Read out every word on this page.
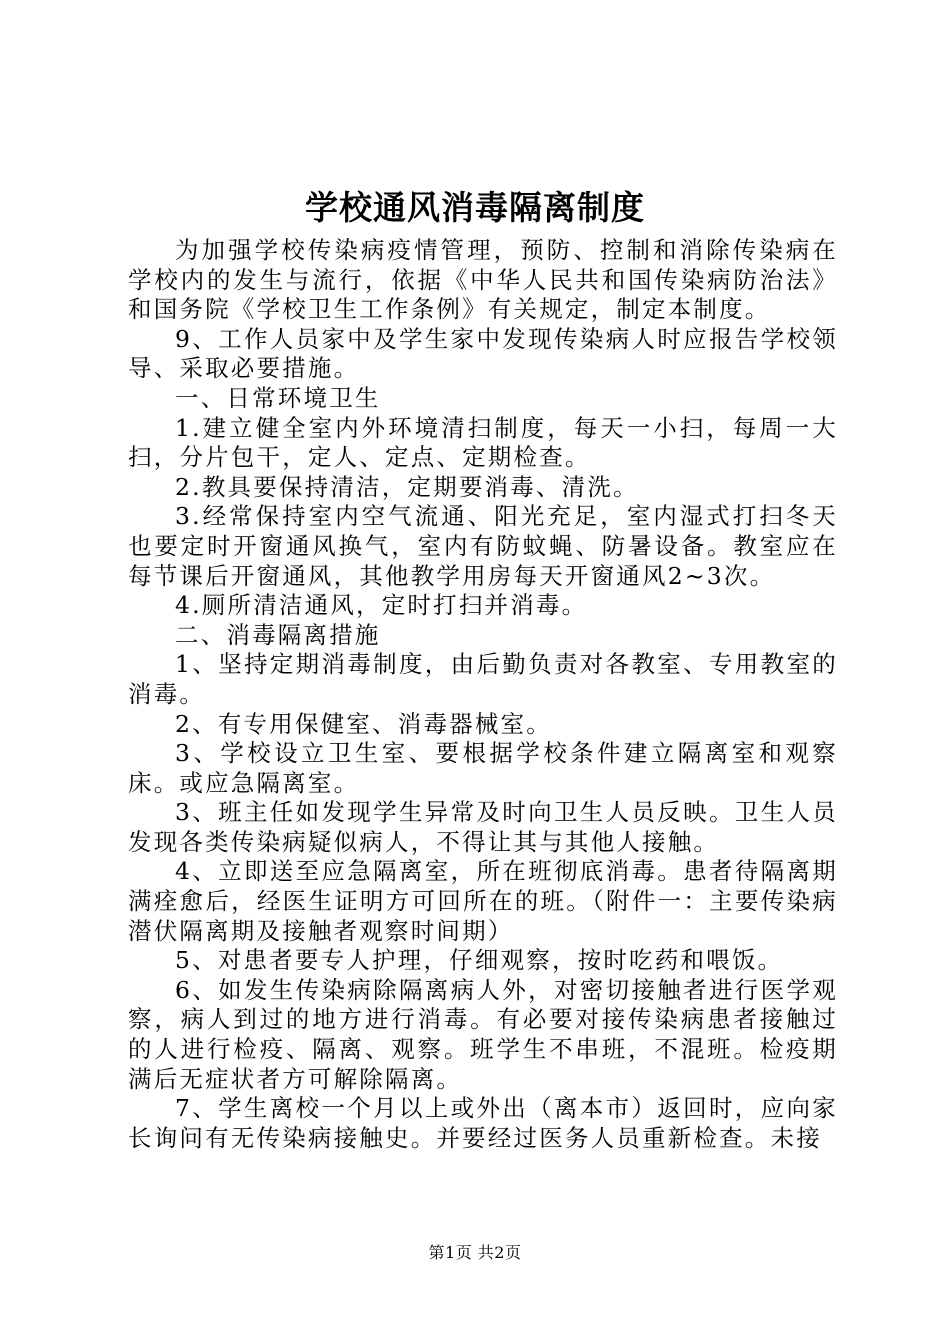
学校通风消毒隔离制度

为加强学校传染病疫情管理，预防、控制和消除传染病在学校内的发生与流行，依据《中华人民共和国传染病防治法》和国务院《学校卫生工作条例》有关规定，制定本制度。

9、工作人员家中及学生家中发现传染病人时应报告学校领导、采取必要措施。

一、日常环境卫生

1.建立健全室内外环境清扫制度，每天一小扫，每周一大扫，分片包干，定人、定点、定期检查。

2.教具要保持清洁，定期要消毒、清洗。

3.经常保持室内空气流通、阳光充足，室内湿式打扫冬天也要定时开窗通风换气，室内有防蚊蝇、防暑设备。教室应在每节课后开窗通风，其他教学用房每天开窗通风2~3次。

4.厕所清洁通风，定时打扫并消毒。

二、消毒隔离措施

1、坚持定期消毒制度，由后勤负责对各教室、专用教室的消毒。

2、有专用保健室、消毒器械室。

3、学校设立卫生室、要根据学校条件建立隔离室和观察床。或应急隔离室。

3、班主任如发现学生异常及时向卫生人员反映。卫生人员发现各类传染病疑似病人，不得让其与其他人接触。

4、立即送至应急隔离室，所在班彻底消毒。患者待隔离期满痊愈后，经医生证明方可回所在的班。（附件一：主要传染病潜伏隔离期及接触者观察时间期）

5、对患者要专人护理，仔细观察，按时吃药和喂饭。

6、如发生传染病除隔离病人外，对密切接触者进行医学观察，病人到过的地方进行消毒。有必要对接传染病患者接触过的人进行检疫、隔离、观察。班学生不串班，不混班。检疫期满后无症状者方可解除隔离。

7、学生离校一个月以上或外出（离本市）返回时，应向家长询问有无传染病接触史。并要经过医务人员重新检查。未接

第1页 共2页
